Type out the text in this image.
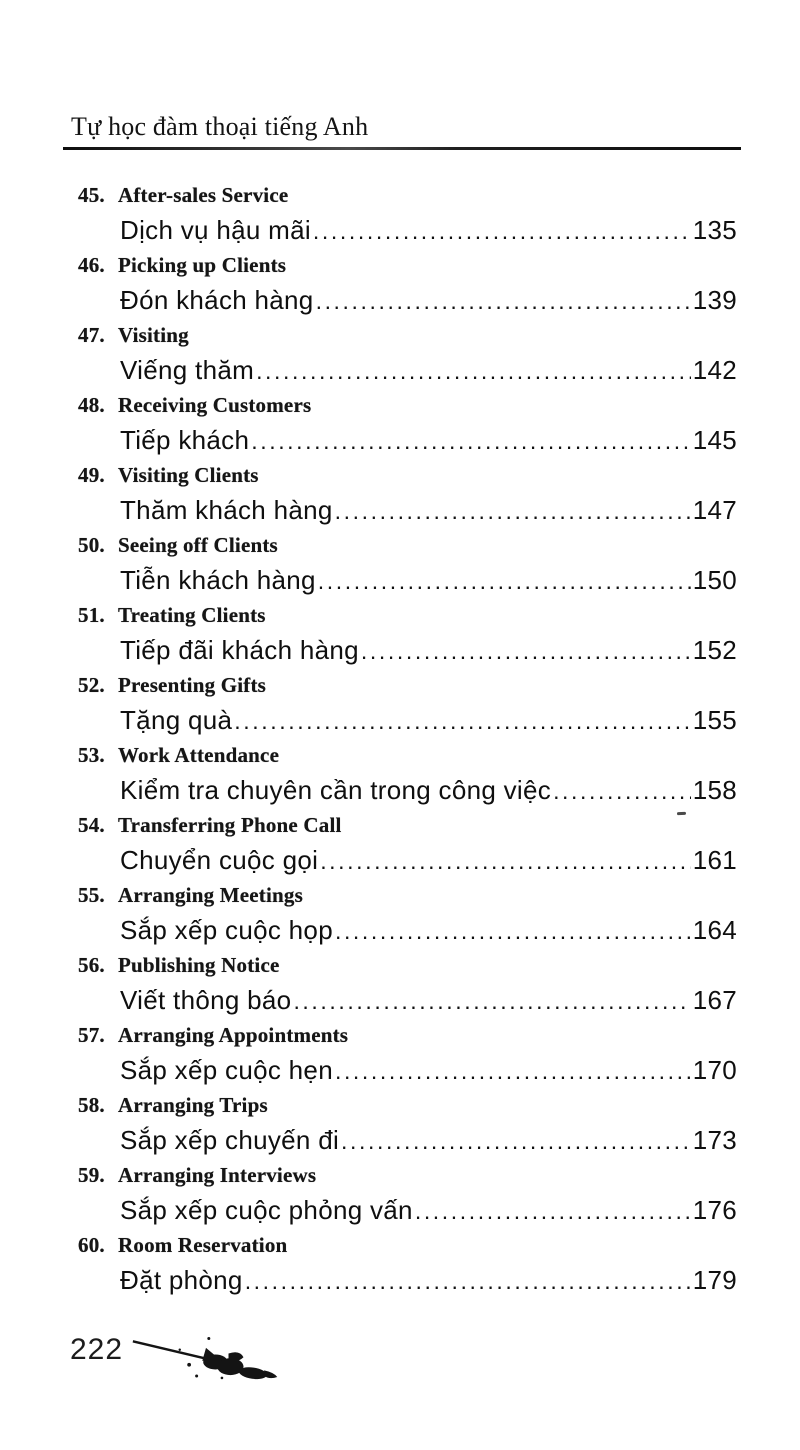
Tự học đàm thoại tiếng Anh
45. After-sales Service
Dịch vụ hậu mãi .....	135
46. Picking up Clients
Đón khách hàng .....	139
47. Visiting
Viếng thăm .....	142
48. Receiving Customers
Tiếp khách .....	145
49. Visiting Clients
Thăm khách hàng .....	147
50. Seeing off Clients
Tiễn khách hàng .....	150
51. Treating Clients
Tiếp đãi khách hàng .....	152
52. Presenting Gifts
Tặng quà .....	155
53. Work Attendance
Kiểm tra chuyên cần trong công việc .....	158
54. Transferring Phone Call
Chuyển cuộc gọi .....	161
55. Arranging Meetings
Sắp xếp cuộc họp .....	164
56. Publishing Notice
Viết thông báo .....	167
57. Arranging Appointments
Sắp xếp cuộc hẹn .....	170
58. Arranging Trips
Sắp xếp chuyến đi .....	173
59. Arranging Interviews
Sắp xếp cuộc phỏng vấn .....	176
60. Room Reservation
Đặt phòng .....	179
222
